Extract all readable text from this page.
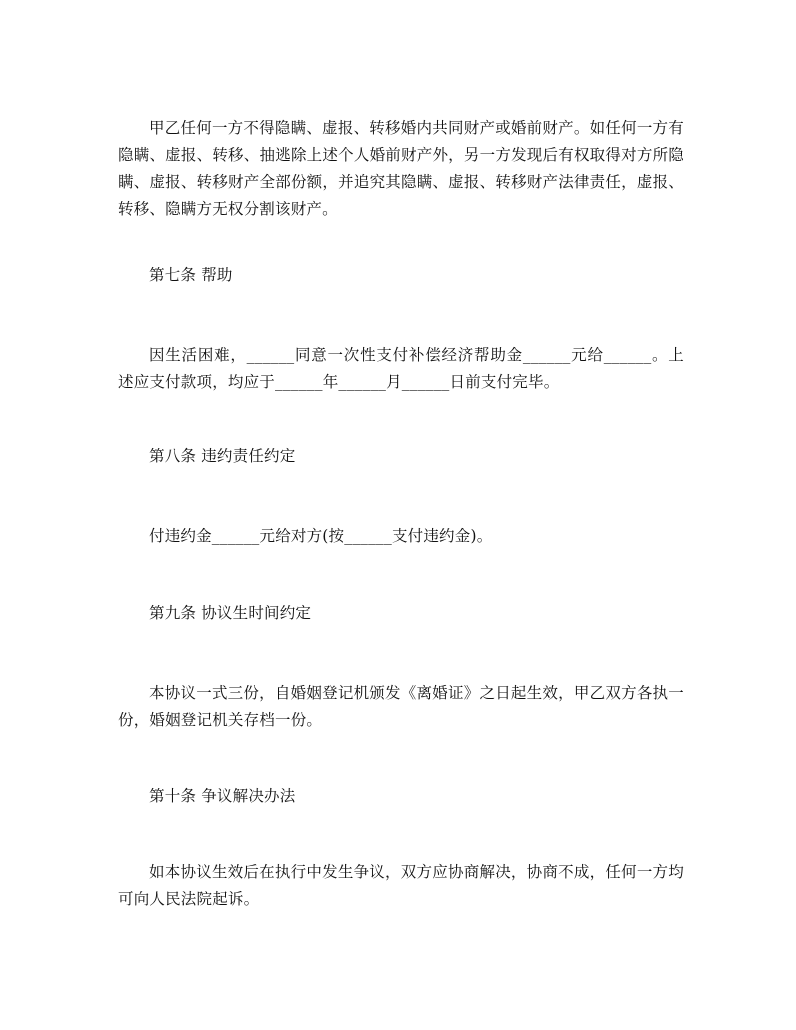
甲乙任何一方不得隐瞒、虚报、转移婚内共同财产或婚前财产。如任何一方有隐瞒、虚报、转移、抽逃除上述个人婚前财产外，另一方发现后有权取得对方所隐瞒、虚报、转移财产全部份额，并追究其隐瞒、虚报、转移财产法律责任，虚报、转移、隐瞒方无权分割该财产。

第七条 帮助

因生活困难，______同意一次性支付补偿经济帮助金______元给______。上述应支付款项，均应于______年______月______日前支付完毕。

第八条 违约责任约定

付违约金______元给对方(按______支付违约金)。

第九条 协议生时间约定

本协议一式三份，自婚姻登记机颁发《离婚证》之日起生效，甲乙双方各执一份，婚姻登记机关存档一份。

第十条 争议解决办法

如本协议生效后在执行中发生争议，双方应协商解决，协商不成，任何一方均可向人民法院起诉。
